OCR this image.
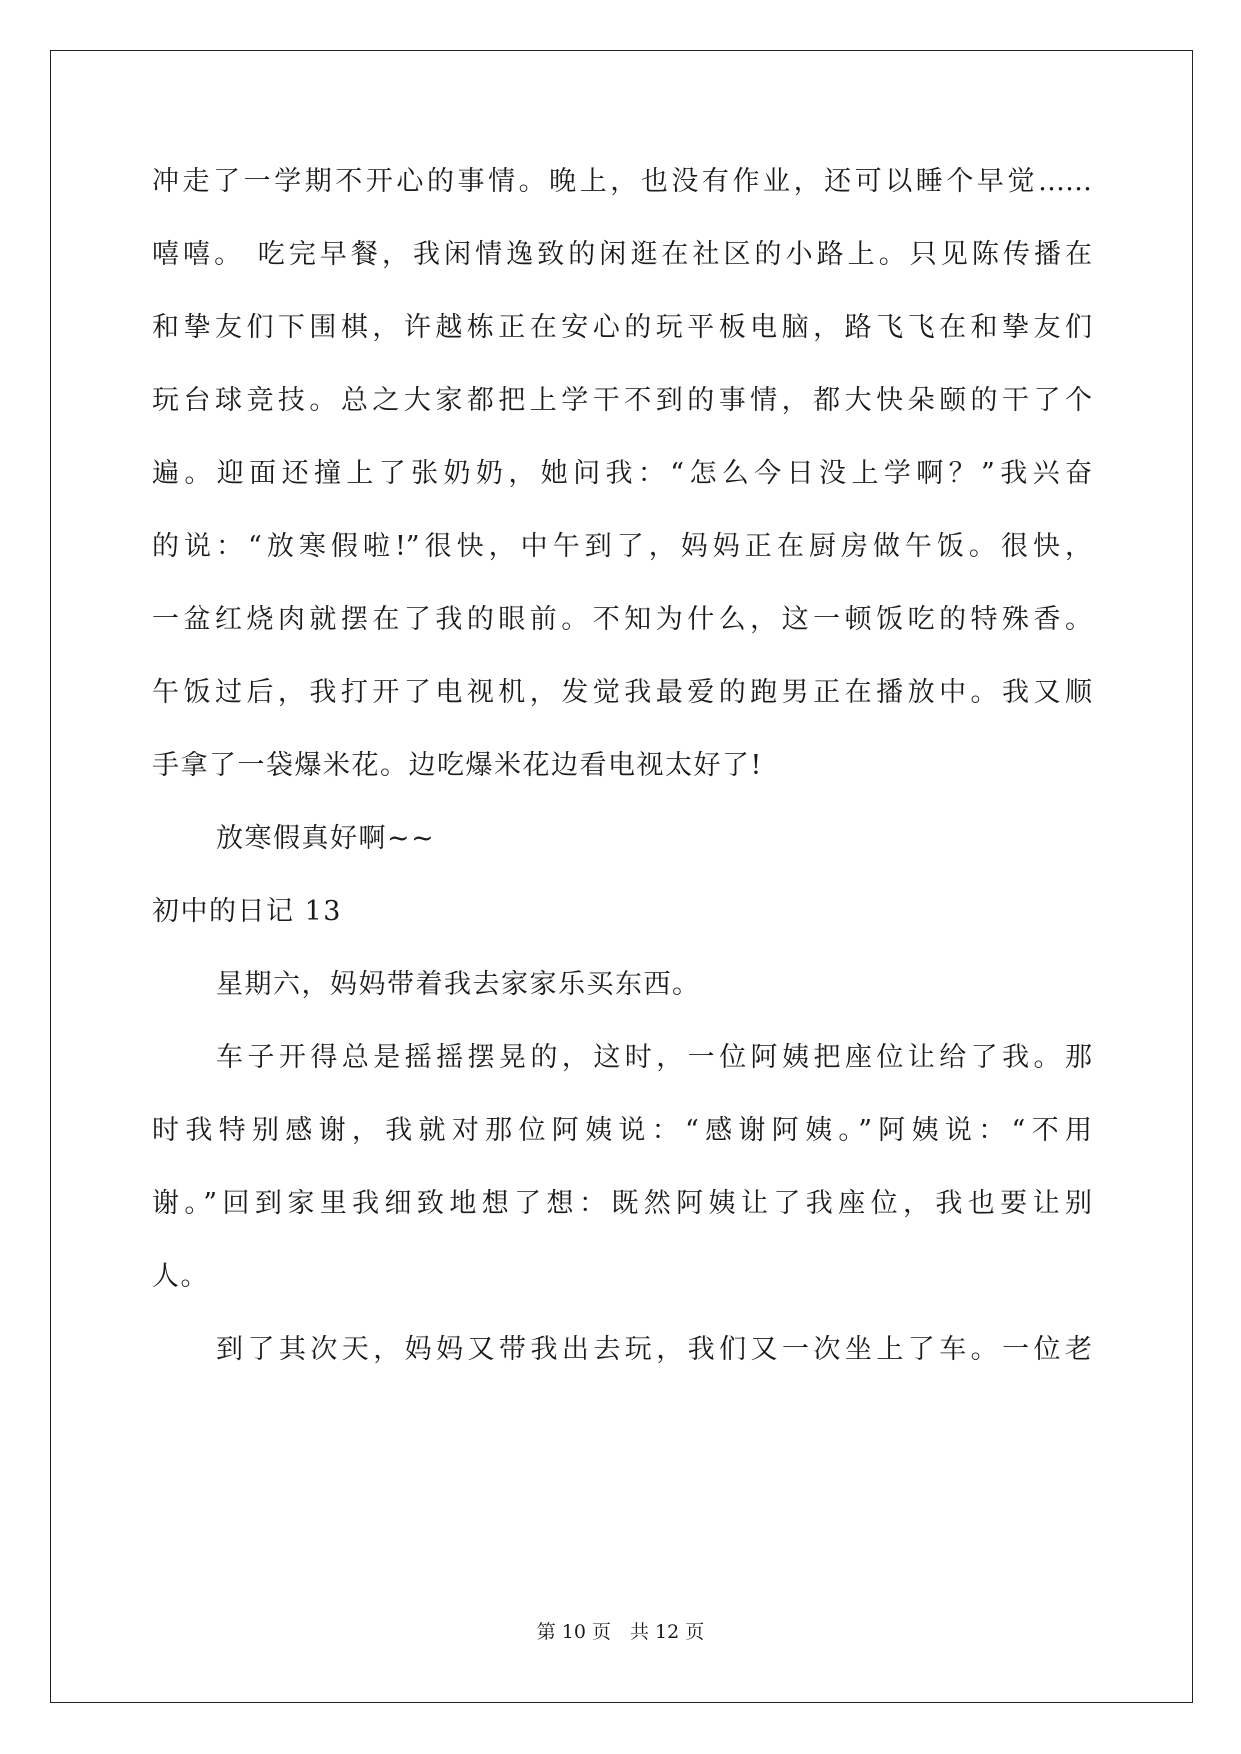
冲走了一学期不开心的事情。晚上，也没有作业，还可以睡个早觉……
嘻嘻。 吃完早餐，我闲情逸致的闲逛在社区的小路上。只见陈传播在
和挚友们下围棋，许越栋正在安心的玩平板电脑，路飞飞在和挚友们
玩台球竞技。总之大家都把上学干不到的事情，都大快朵颐的干了个
遍。迎面还撞上了张奶奶，她问我：“怎么今日没上学啊？”我兴奋
的说：“放寒假啦!”很快，中午到了，妈妈正在厨房做午饭。很快，
一盆红烧肉就摆在了我的眼前。不知为什么，这一顿饭吃的特殊香。
午饭过后，我打开了电视机，发觉我最爱的跑男正在播放中。我又顺
手拿了一袋爆米花。边吃爆米花边看电视太好了!
放寒假真好啊~~
初中的日记 13
星期六，妈妈带着我去家家乐买东西。
车子开得总是摇摇摆晃的，这时，一位阿姨把座位让给了我。那
时我特别感谢，我就对那位阿姨说：“感谢阿姨。”阿姨说：“不用
谢。”回到家里我细致地想了想：既然阿姨让了我座位，我也要让别
人。
到了其次天，妈妈又带我出去玩，我们又一次坐上了车。一位老
第 10 页　共 12 页
